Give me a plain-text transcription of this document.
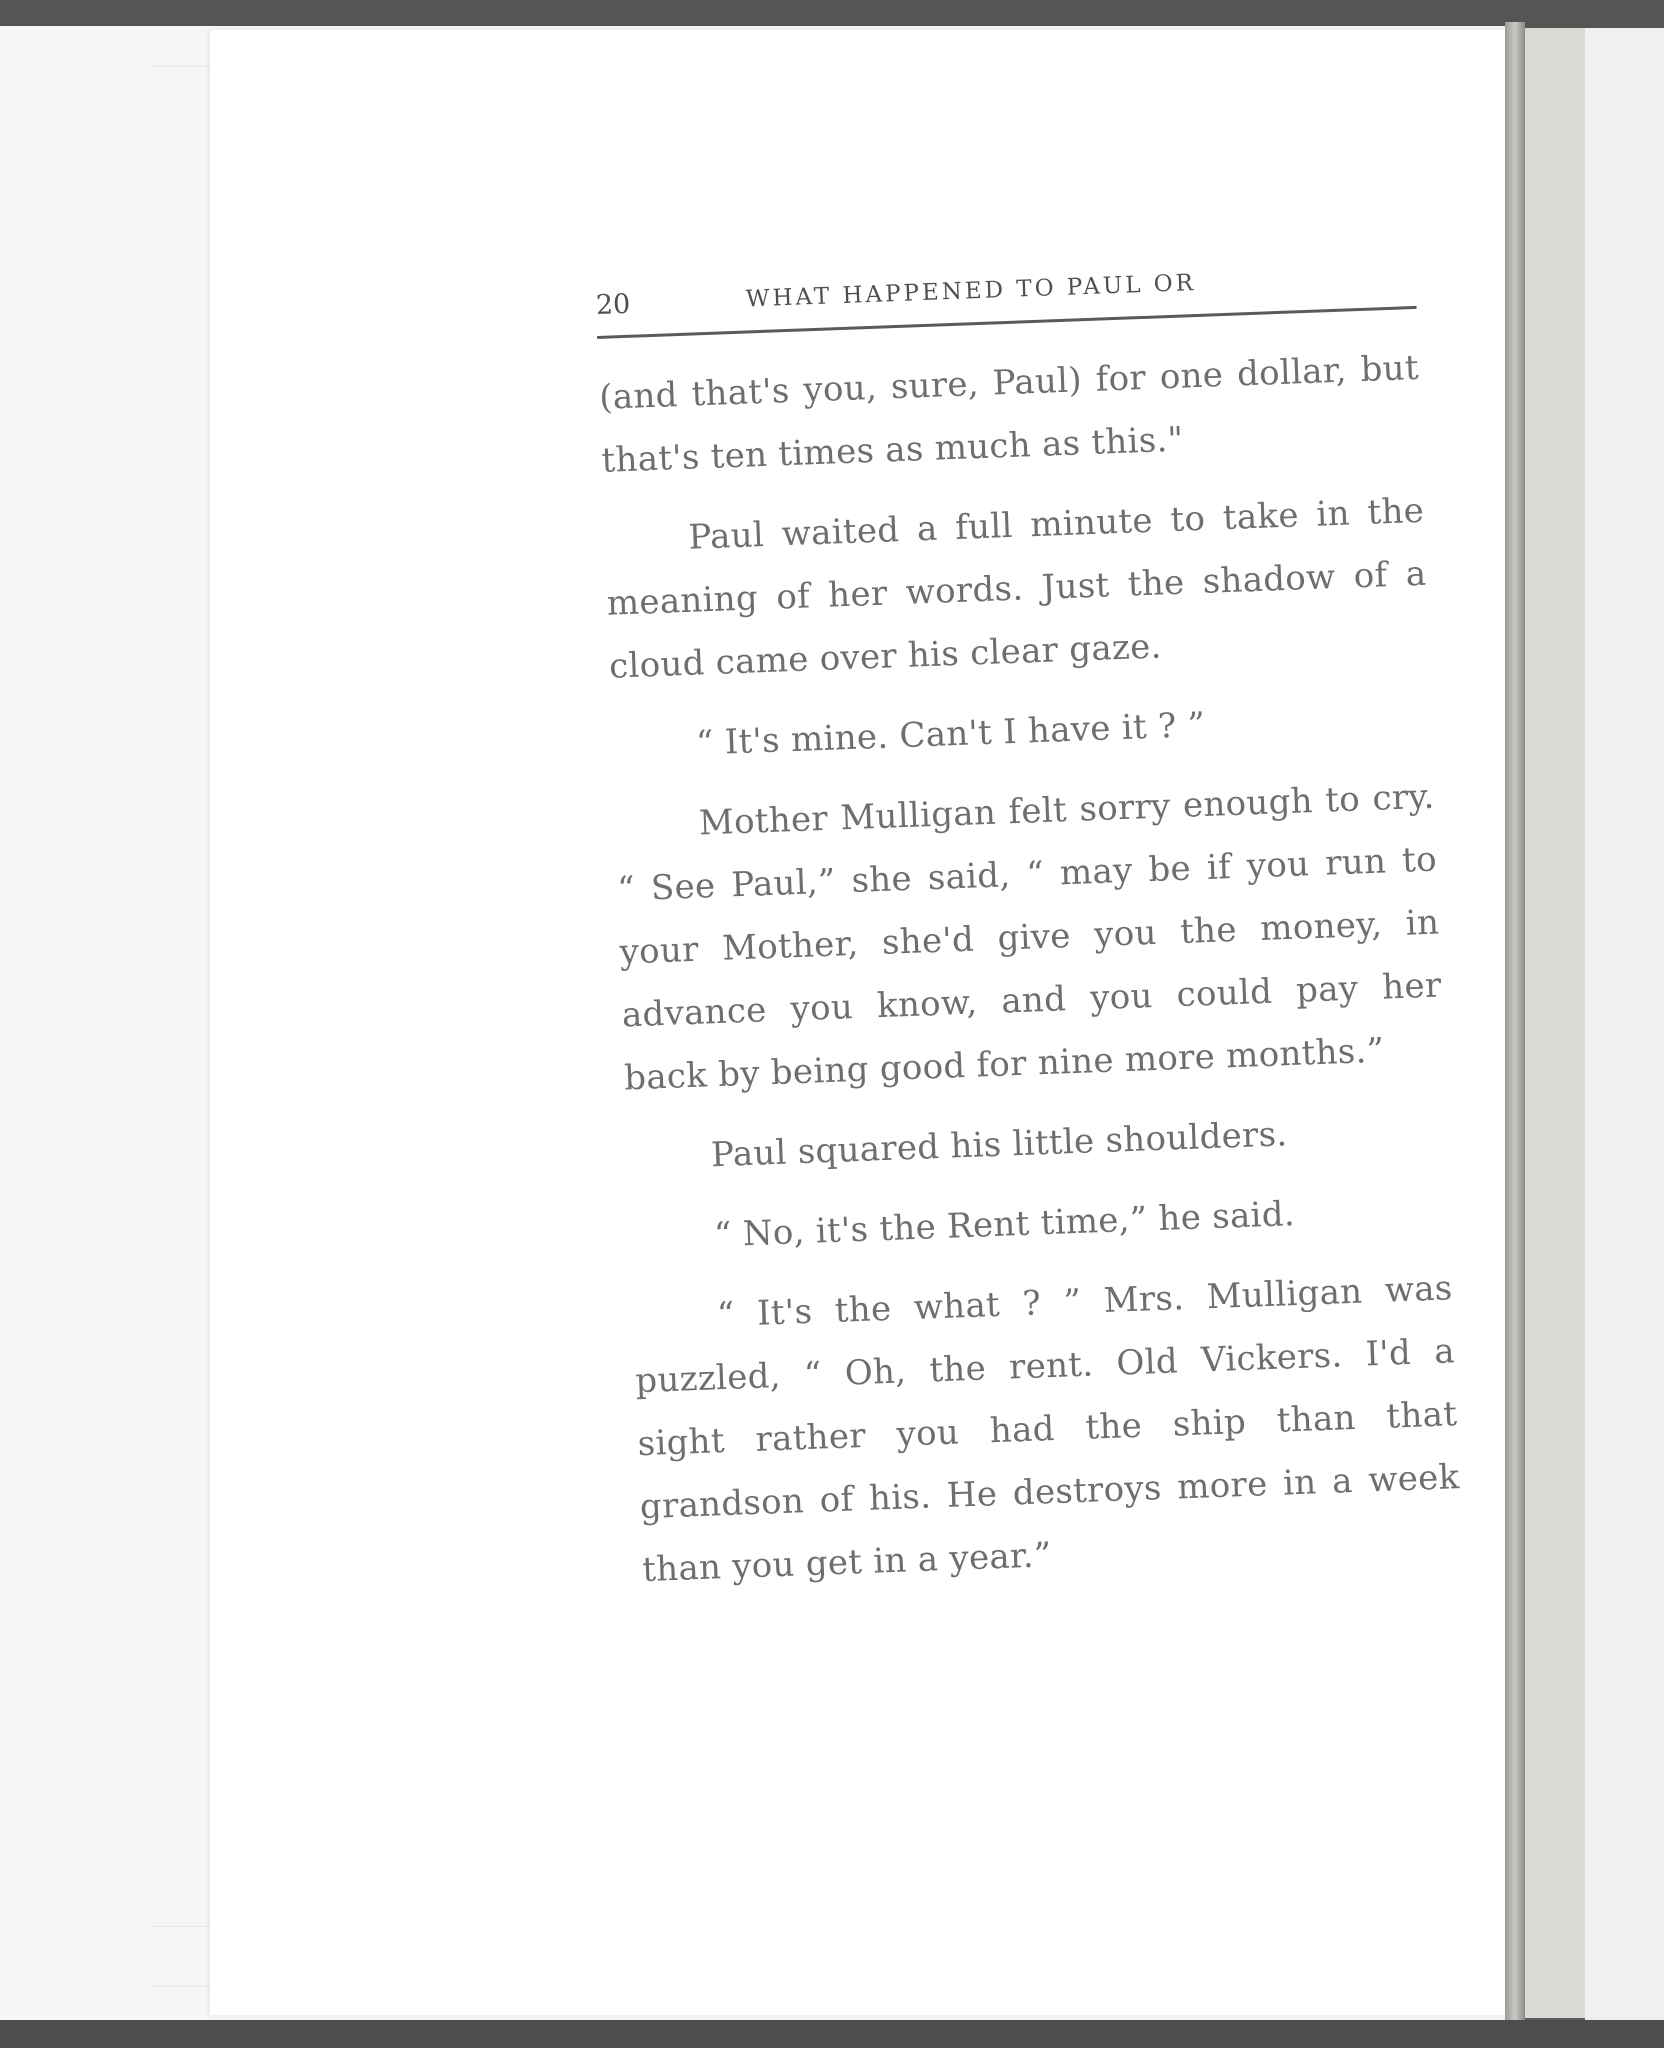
20	WHAT HAPPENED TO PAUL OR

(and that's you, sure, Paul) for one dollar, but that's ten times as much as this."

Paul waited a full minute to take in the meaning of her words. Just the shadow of a cloud came over his clear gaze.

“ It's mine. Can't I have it ? ”

Mother Mulligan felt sorry enough to cry. “ See Paul,” she said, “ may be if you run to your Mother, she'd give you the money, in advance you know, and you could pay her back by being good for nine more months.”

Paul squared his little shoulders.

“ No, it's the Rent time,” he said.

“ It's the what ? ” Mrs. Mulligan was puzzled, “ Oh, the rent. Old Vickers. I'd a sight rather you had the ship than that grandson of his. He destroys more in a week than you get in a year.”
